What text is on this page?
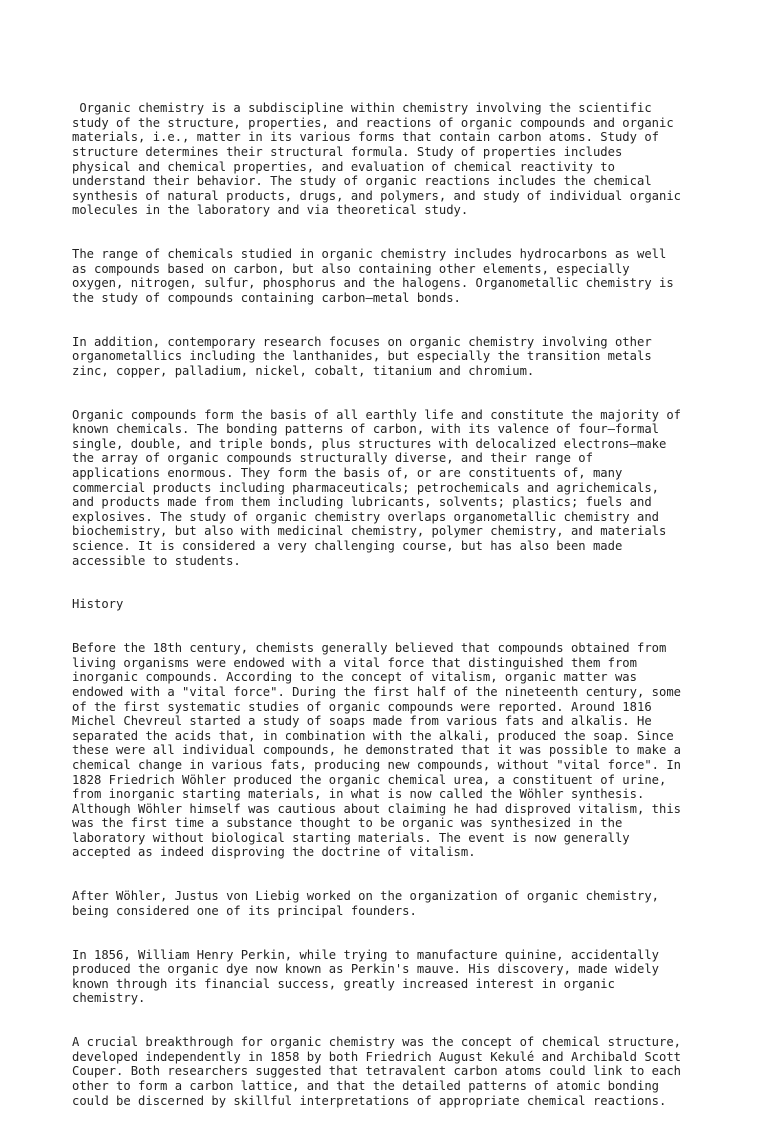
Organic chemistry is a subdiscipline within chemistry involving the scientific
study of the structure, properties, and reactions of organic compounds and organic
materials, i.e., matter in its various forms that contain carbon atoms. Study of
structure determines their structural formula. Study of properties includes
physical and chemical properties, and evaluation of chemical reactivity to
understand their behavior. The study of organic reactions includes the chemical
synthesis of natural products, drugs, and polymers, and study of individual organic
molecules in the laboratory and via theoretical study.

The range of chemicals studied in organic chemistry includes hydrocarbons as well
as compounds based on carbon, but also containing other elements, especially
oxygen, nitrogen, sulfur, phosphorus and the halogens. Organometallic chemistry is
the study of compounds containing carbon–metal bonds.

In addition, contemporary research focuses on organic chemistry involving other
organometallics including the lanthanides, but especially the transition metals
zinc, copper, palladium, nickel, cobalt, titanium and chromium.

Organic compounds form the basis of all earthly life and constitute the majority of
known chemicals. The bonding patterns of carbon, with its valence of four—formal
single, double, and triple bonds, plus structures with delocalized electrons—make
the array of organic compounds structurally diverse, and their range of
applications enormous. They form the basis of, or are constituents of, many
commercial products including pharmaceuticals; petrochemicals and agrichemicals,
and products made from them including lubricants, solvents; plastics; fuels and
explosives. The study of organic chemistry overlaps organometallic chemistry and
biochemistry, but also with medicinal chemistry, polymer chemistry, and materials
science. It is considered a very challenging course, but has also been made
accessible to students.

History

Before the 18th century, chemists generally believed that compounds obtained from
living organisms were endowed with a vital force that distinguished them from
inorganic compounds. According to the concept of vitalism, organic matter was
endowed with a "vital force". During the first half of the nineteenth century, some
of the first systematic studies of organic compounds were reported. Around 1816
Michel Chevreul started a study of soaps made from various fats and alkalis. He
separated the acids that, in combination with the alkali, produced the soap. Since
these were all individual compounds, he demonstrated that it was possible to make a
chemical change in various fats, producing new compounds, without "vital force". In
1828 Friedrich Wöhler produced the organic chemical urea, a constituent of urine,
from inorganic starting materials, in what is now called the Wöhler synthesis.
Although Wöhler himself was cautious about claiming he had disproved vitalism, this
was the first time a substance thought to be organic was synthesized in the
laboratory without biological starting materials. The event is now generally
accepted as indeed disproving the doctrine of vitalism.

After Wöhler, Justus von Liebig worked on the organization of organic chemistry,
being considered one of its principal founders.

In 1856, William Henry Perkin, while trying to manufacture quinine, accidentally
produced the organic dye now known as Perkin's mauve. His discovery, made widely
known through its financial success, greatly increased interest in organic
chemistry.

A crucial breakthrough for organic chemistry was the concept of chemical structure,
developed independently in 1858 by both Friedrich August Kekulé and Archibald Scott
Couper. Both researchers suggested that tetravalent carbon atoms could link to each
other to form a carbon lattice, and that the detailed patterns of atomic bonding
could be discerned by skillful interpretations of appropriate chemical reactions.
